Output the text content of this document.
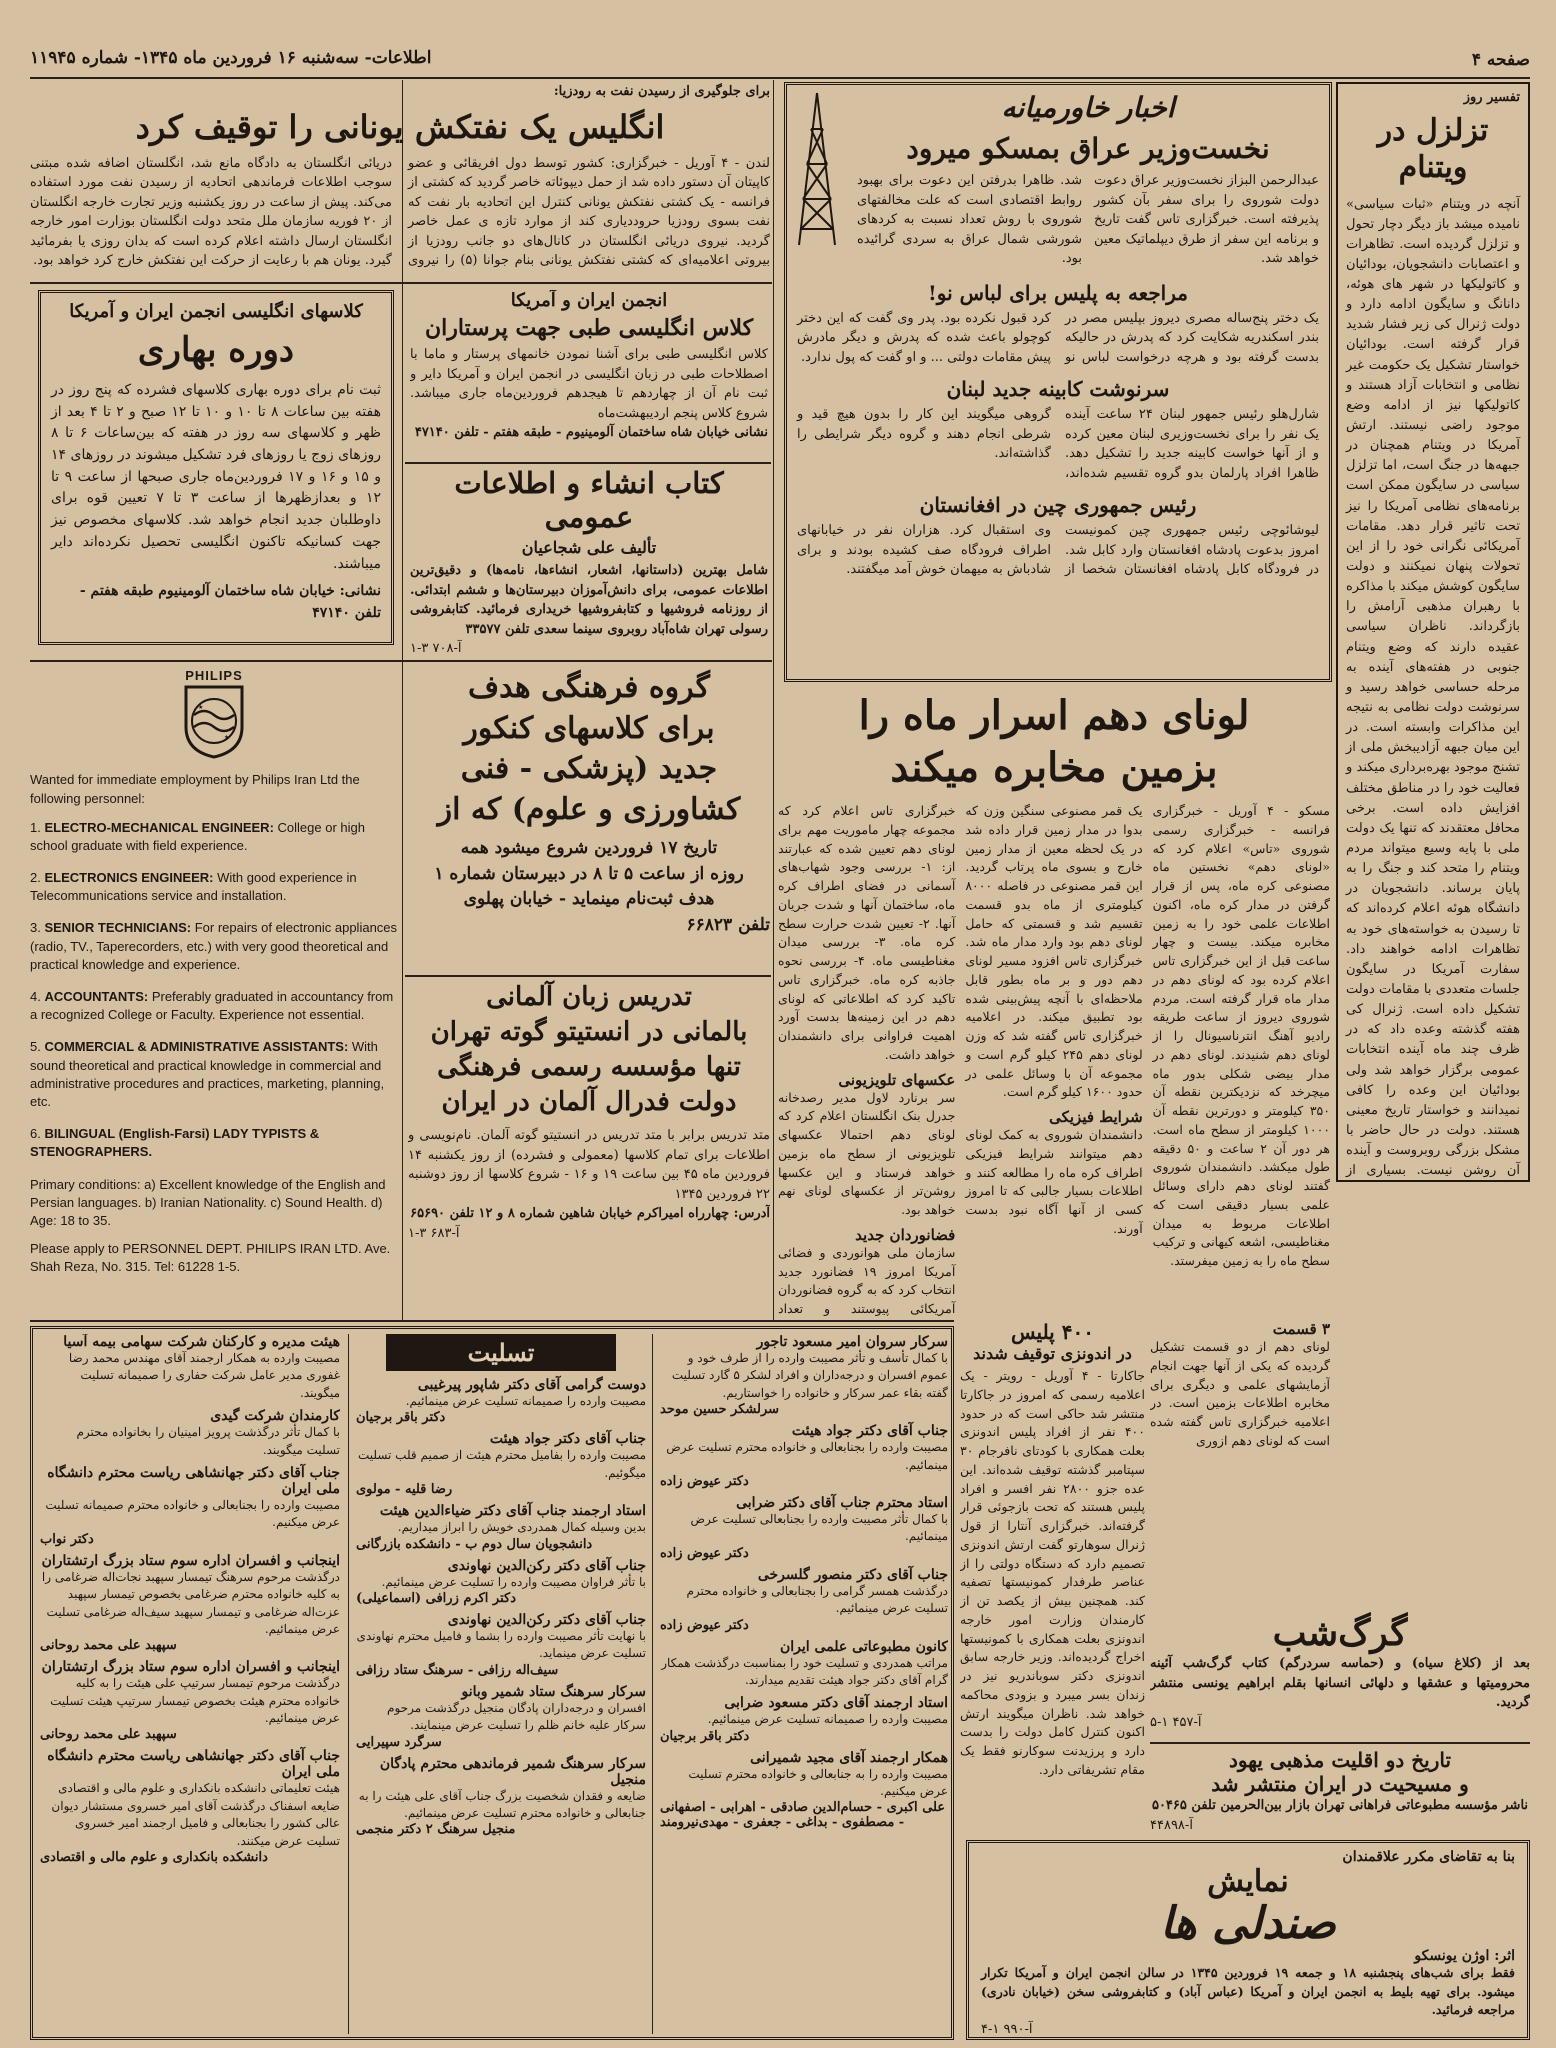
صفحه ۴
اطلاعات- سه‌شنبه ۱۶ فروردین ماه ۱۳۴۵- شماره ۱۱۹۴۵
برای جلوگیری از رسیدن نفت به رودزیا:
انگلیس یک نفتکش یونانی را توقیف کرد
لندن - ۴ آوریل - خبرگزاری: کشور توسط دول افریقائی و عضو کاپیتان آن دستور داده شد از حمل دیپوئاته خاصر گردید که کشتی از فرانسه - یک کشتی نفتکش یونانی کنترل این اتحادیه بار نفت که نفت بسوی رودزیا حروددیاری کند از موارد تازه ی عمل خاصر گردید. نیروی دریائی انگلستان در کانال‌های دو جانب رودزیا از بیروتی اعلامیه‌ای که کشتی نفتکش یونانی بنام جوانا (۵) را نیروی دریائی انگلستان به دادگاه مانع شد، انگلستان اضافه شده مبتنی سوجب اطلاعات فرماندهی اتحادیه از رسیدن نفت مورد استفاده می‌کند. پیش از ساعت در روز یکشنبه وزیر تجارت خارجه انگلستان از ۲۰ فوریه سازمان ملل متحد دولت انگلستان بوزارت امور خارجه انگلستان ارسال داشته اعلام کرده است که بدان روزی یا بفرمائید گیرد. یونان هم با رعایت از حرکت این نفتکش خارج کرد خواهد بود.
اخبار خاورمیانه
نخست‌وزیر عراق بمسکو میرود
عبدالرحمن البزاز نخست‌وزیر عراق دعوت دولت شوروی را برای سفر بآن کشور پذیرفته است. خبرگزاری تاس گفت تاریخ و برنامه این سفر از طرق دیپلماتیک معین خواهد شد.
شد. ظاهرا بدرفتن این دعوت برای بهبود روابط اقتصادی است که علت مخالفتهای شوروی با روش تعداد نسبت به کردهای شورشی شمال عراق به سردی گرائیده بود.
مراجعه به پلیس برای لباس نو!
یک دختر پنج‌ساله مصری دیروز بپلیس مصر در بندر اسکندریه شکایت کرد که پدرش در حالیکه بدست گرفته بود و هرچه درخواست لباس نو کرد قبول نکرده بود. پدر وی گفت که این دختر کوچولو باعث شده که پدرش و دیگر مادرش پیش مقامات دولتی ... و او گفت که پول ندارد.
سرنوشت کابینه جدید لبنان
شارل‌هلو رئیس جمهور لبنان ۲۴ ساعت آینده یک نفر را برای نخست‌وزیری لبنان معین کرده و از آنها خواست کابینه جدید را تشکیل دهد. ظاهرا افراد پارلمان بدو گروه تقسیم شده‌اند، گروهی میگویند این کار را بدون هیچ قید و شرطی انجام دهند و گروه دیگر شرایطی را گذاشته‌اند.
رئیس جمهوری چین در افغانستان
لیوشائوچی رئیس جمهوری چین کمونیست امروز بدعوت پادشاه افغانستان وارد کابل شد. در فرودگاه کابل پادشاه افغانستان شخصا از وی استقبال کرد. هزاران نفر در خیابانهای اطراف فرودگاه صف کشیده بودند و برای شادباش به میهمان خوش آمد میگفتند.
تفسیر روز
تزلزل در ویتنام
آنچه در ویتنام «ثبات سیاسی» نامیده میشد باز دیگر دچار تحول و تزلزل گردیده است. تظاهرات و اعتصابات دانشجویان، بودائیان و کاتولیکها در شهر های هوئه، دانانگ و سایگون ادامه دارد و دولت ژنرال کی زیر فشار شدید قرار گرفته است. بودائیان خواستار تشکیل یک حکومت غیر نظامی و انتخابات آزاد هستند و کاتولیکها نیز از ادامه وضع موجود راضی نیستند. ارتش آمریکا در ویتنام همچنان در جبهه‌ها در جنگ است، اما تزلزل سیاسی در سایگون ممکن است برنامه‌های نظامی آمریکا را نیز تحت تاثیر قرار دهد. مقامات آمریکائی نگرانی خود را از این تحولات پنهان نمیکنند و دولت سایگون کوشش میکند با مذاکره با رهبران مذهبی آرامش را بازگرداند. ناظران سیاسی عقیده دارند که وضع ویتنام جنوبی در هفته‌های آینده به مرحله حساسی خواهد رسید و سرنوشت دولت نظامی به نتیجه این مذاکرات وابسته است. در این میان جبهه آزادیبخش ملی از تشنج موجود بهره‌برداری میکند و فعالیت خود را در مناطق مختلف افزایش داده است. برخی محافل معتقدند که تنها یک دولت ملی با پایه وسیع میتواند مردم ویتنام را متحد کند و جنگ را به پایان برساند. دانشجویان در دانشگاه هوئه اعلام کرده‌اند که تا رسیدن به خواسته‌های خود به تظاهرات ادامه خواهند داد. سفارت آمریکا در سایگون جلسات متعددی با مقامات دولت تشکیل داده است. ژنرال کی هفته گذشته وعده داد که در ظرف چند ماه آینده انتخابات عمومی برگزار خواهد شد ولی بودائیان این وعده را کافی نمیدانند و خواستار تاریخ معینی هستند. دولت در حال حاضر با مشکل بزرگی روبروست و آینده آن روشن نیست. بسیاری از
کلاسهای انگلیسی انجمن ایران و آمریکا
دوره بهاری
ثبت نام برای دوره بهاری کلاسهای فشرده که پنج روز در هفته بین ساعات ۸ تا ۱۰ و ۱۰ تا ۱۲ صبح و ۲ تا ۴ بعد از ظهر و کلاسهای سه روز در هفته که بین‌ساعات ۶ تا ۸ روزهای زوج یا روزهای فرد تشکیل میشوند در روزهای ۱۴ و ۱۵ و ۱۶ و ۱۷ فروردین‌ماه جاری صبحها از ساعت ۹ تا ۱۲ و بعدازظهرها از ساعت ۳ تا ۷ تعیین قوه برای داوطلبان جدید انجام خواهد شد. کلاسهای مخصوص نیز جهت کسانیکه تاکنون انگلیسی تحصیل نکرده‌اند دایر میباشند.
نشانی: خیابان شاه ساختمان آلومینیوم طبقه هفتم - تلفن ۴۷۱۴۰
انجمن ایران و آمریکا
کلاس انگلیسی طبی جهت پرستاران
کلاس انگلیسی طبی برای آشنا نمودن خانمهای پرستار و ماما با اصطلاحات طبی در زبان انگلیسی در انجمن ایران و آمریکا دایر و ثبت نام آن از چهاردهم تا هیجدهم فروردین‌ماه جاری میباشد. شروع کلاس پنجم اردیبهشت‌ماه
نشانی خیابان شاه ساختمان آلومینیوم - طبقه هفتم - تلفن ۴۷۱۴۰
کتاب انشاء و اطلاعات عمومی
تألیف علی شجاعیان
شامل بهترین (داستانها، اشعار، انشاءها، نامه‌ها) و دقیق‌ترین اطلاعات عمومی، برای دانش‌آموزان دبیرستان‌ها و ششم ابتدائی. از روزنامه فروشیها و کتابفروشیها خریداری فرمائید. کتابفروشی رسولی تهران شاه‌آباد روبروی سینما سعدی تلفن ۳۳۵۷۷
آ-۷۰۸ ۳-۱
PHILIPS
★
★
Wanted for immediate employment by Philips Iran Ltd the following personnel:
1. ELECTRO-MECHANICAL ENGINEER: College or high school graduate with field experience.
2. ELECTRONICS ENGINEER: With good experience in Telecommunications service and installation.
3. SENIOR TECHNICIANS: For repairs of electronic appliances (radio, TV., Taperecorders, etc.) with very good theoretical and practical knowledge and experience.
4. ACCOUNTANTS: Preferably graduated in accountancy from a recognized College or Faculty. Experience not essential.
5. COMMERCIAL & ADMINISTRATIVE ASSISTANTS: With sound theoretical and practical knowledge in commercial and administrative procedures and practices, marketing, planning, etc.
6. BILINGUAL (English-Farsi) LADY TYPISTS & STENOGRAPHERS.
Primary conditions: a) Excellent knowledge of the English and Persian languages. b) Iranian Nationality. c) Sound Health. d) Age: 18 to 35.
Please apply to PERSONNEL DEPT. PHILIPS IRAN LTD. Ave. Shah Reza, No. 315. Tel: 61228 1-5.
گروه فرهنگی هدف
برای کلاسهای کنکور
جدید (پزشکی - فنی
کشاورزی و علوم) که از
تاریخ ۱۷ فروردین شروع میشود همه
روزه از ساعت ۵ تا ۸ در دبیرستان شماره ۱
هدف ثبت‌نام مینماید - خیابان پهلوی
تلفن ۶۶۸۲۳
تدریس زبان آلمانی
بالمانی در انستیتو گوته تهران
تنها مؤسسه رسمی فرهنگی
دولت فدرال آلمان در ایران
متد تدریس برابر با متد تدریس در انستیتو گوته آلمان. نام‌نویسی و اطلاعات برای تمام کلاسها (معمولی و فشرده) از روز یکشنبه ۱۴ فروردین ماه ۴۵ بین ساعت ۱۹ و ۱۶ - شروع کلاسها از روز دوشنبه ۲۲ فروردین ۱۳۴۵
آدرس: چهارراه امیراکرم خیابان شاهین شماره ۸ و ۱۲ تلفن ۶۵۶۹۰
آ-۶۸۳ ۳-۱
لونای دهم اسرار ماه را
بزمین مخابره میکند
مسکو - ۴ آوریل - خبرگزاری فرانسه - خبرگزاری رسمی شوروی «تاس» اعلام کرد که «لونای دهم» نخستین ماه مصنوعی کره ماه، پس از قرار گرفتن در مدار کره ماه، اکنون اطلاعات علمی خود را به زمین مخابره میکند. بیست و چهار ساعت قبل از این خبرگزاری تاس اعلام کرده بود که لونای دهم در مدار ماه قرار گرفته است. مردم شوروی دیروز از ساعت طریقه رادیو آهنگ انترناسیونال را از لونای دهم شنیدند. لونای دهم در مدار بیضی شکلی بدور ماه میچرخد که نزدیکترین نقطه آن ۳۵۰ کیلومتر و دورترین نقطه آن ۱۰۰۰ کیلومتر از سطح ماه است. هر دور آن ۲ ساعت و ۵۰ دقیقه طول میکشد. دانشمندان شوروی گفتند لونای دهم دارای وسائل علمی بسیار دقیقی است که اطلاعات مربوط به میدان مغناطیسی، اشعه کیهانی و ترکیب سطح ماه را به زمین میفرستد.
یک قمر مصنوعی سنگین وزن که بدوا در مدار زمین قرار داده شد در یک لحظه معین از مدار زمین خارج و بسوی ماه پرتاب گردید. این قمر مصنوعی در فاصله ۸۰۰۰ کیلومتری از ماه بدو قسمت تقسیم شد و قسمتی که حامل لونای دهم بود وارد مدار ماه شد. خبرگزاری تاس افزود مسیر لونای دهم دور و بر ماه بطور قابل ملاحظه‌ای با آنچه پیش‌بینی شده بود تطبیق میکند. در اعلامیه خبرگزاری تاس گفته شد که وزن لونای دهم ۲۴۵ کیلو گرم است و مجموعه آن با وسائل علمی در حدود ۱۶۰۰ کیلو گرم است.
شرایط فیزیکی
دانشمندان شوروی به کمک لونای دهم میتوانند شرایط فیزیکی اطراف کره ماه را مطالعه کنند و اطلاعات بسیار جالبی که تا امروز کسی از آنها آگاه نبود بدست آورند.
خبرگزاری تاس اعلام کرد که مجموعه چهار ماموریت مهم برای لونای دهم تعیین شده که عبارتند از: ۱- بررسی وجود شهاب‌های آسمانی در فضای اطراف کره ماه، ساختمان آنها و شدت جریان آنها. ۲- تعیین شدت حرارت سطح کره ماه. ۳- بررسی میدان مغناطیسی ماه. ۴- بررسی نحوه جاذبه کره ماه. خبرگزاری تاس تاکید کرد که اطلاعاتی که لونای دهم در این زمینه‌ها بدست آورد اهمیت فراوانی برای دانشمندان خواهد داشت.
عکسهای تلویزیونی
سر برنارد لاول مدیر رصدخانه جدرل بنک انگلستان اعلام کرد که لونای دهم احتمالا عکسهای تلویزیونی از سطح ماه بزمین خواهد فرستاد و این عکسها روشن‌تر از عکسهای لونای نهم خواهد بود.
فضانوردان جدید
سازمان ملی هوانوردی و فضائی آمریکا امروز ۱۹ فضانورد جدید انتخاب کرد که به گروه فضانوردان آمریکائی پیوستند و تعداد
۳ قسمت
لونای دهم از دو قسمت تشکیل گردیده که یکی از آنها جهت انجام آزمایشهای علمی و دیگری برای مخابره اطلاعات بزمین است. در اعلامیه خبرگزاری تاس گفته شده است که لونای دهم ازوری
۴۰۰ پلیس
در اندونزی توقیف شدند
جاکارتا - ۴ آوریل - رویتر - یک اعلامیه رسمی که امروز در جاکارتا منتشر شد حاکی است که در حدود ۴۰۰ نفر از افراد پلیس اندونزی بعلت همکاری با کودتای نافرجام ۳۰ سپتامبر گذشته توقیف شده‌اند. این عده جزو ۲۸۰۰ نفر افسر و افراد پلیس هستند که تحت بازجوئی قرار گرفته‌اند. خبرگزاری آنتارا از قول ژنرال سوهارتو گفت ارتش اندونزی تصمیم دارد که دستگاه دولتی را از عناصر طرفدار کمونیستها تصفیه کند. همچنین بیش از یکصد تن از کارمندان وزارت امور خارجه اندونزی بعلت همکاری با کمونیستها اخراج گردیده‌اند. وزیر خارجه سابق اندونزی دکتر سوباندریو نیز در زندان بسر میبرد و بزودی محاکمه خواهد شد. ناظران میگویند ارتش اکنون کنترل کامل دولت را بدست دارد و پرزیدنت سوکارنو فقط یک مقام تشریفاتی دارد.
گرگ‌شب
بعد از (کلاغ سیاه) و (حماسه سردرگم) کتاب گرگ‌شب آئینه محرومیتها و عشقها و دلهائی انسانها بقلم ابراهیم یونسی منتشر گردید.
آ-۴۵۷ ۱-۵
تاریخ دو اقلیت مذهبی یهود
و مسیحیت در ایران منتشر شد
ناشر مؤسسه مطبوعاتی فراهانی تهران بازار بین‌الحرمین تلفن ۵۰۴۶۵
آ-۴۴۸۹۸
بنا به تقاضای مکرر علاقمندان
نمایش
صندلی ها
اثر: اوژن یونسکو
فقط برای شب‌های پنجشنبه ۱۸ و جمعه ۱۹ فروردین ۱۳۴۵ در سالن انجمن ایران و آمریکا تکرار میشود. برای تهیه بلیط به انجمن ایران و آمریکا (عباس آباد) و کتابفروشی سخن (خیابان نادری) مراجعه فرمائید.
آ-۹۹۰ ۱-۴
هیئت مدیره و کارکنان شرکت سهامی بیمه آسیا
مصیبت وارده به همکار ارجمند آقای مهندس محمد رضا غفوری مدیر عامل شرکت حفاری را صمیمانه تسلیت میگویند.
کارمندان شرکت گیدی
با کمال تأثر درگذشت پرویز امینیان را بخانواده محترم تسلیت میگویند.
جناب آقای دکتر جهانشاهی ریاست محترم دانشگاه ملی ایران
مصیبت وارده را بجنابعالی و خانواده محترم صمیمانه تسلیت عرض میکنیم.
دکتر نواب
اینجانب و افسران اداره سوم ستاد بزرگ ارتشتاران
درگذشت مرحوم سرهنگ تیمسار سپهبد نجات‌اله ضرغامی را به کلیه خانواده محترم ضرغامی بخصوص تیمسار سپهبد عزت‌اله ضرغامی و تیمسار سپهبد سیف‌اله ضرغامی تسلیت عرض مینمائیم.
سپهبد علی محمد روحانی
اینجانب و افسران اداره سوم ستاد بزرگ ارتشتاران
درگذشت مرحوم تیمسار سرتیپ علی هیئت را به کلیه خانواده محترم هیئت بخصوص تیمسار سرتیپ هیئت تسلیت عرض مینمائیم.
سپهبد علی محمد روحانی
جناب آقای دکتر جهانشاهی ریاست محترم دانشگاه ملی ایران
هیئت تعلیماتی دانشکده بانکداری و علوم مالی و اقتصادی ضایعه اسفناک درگذشت آقای امیر خسروی مستشار دیوان عالی کشور را بجنابعالی و فامیل ارجمند امیر خسروی تسلیت عرض میکنند.
دانشکده بانکداری و علوم مالی و اقتصادی
تسلیت
دوست گرامی آقای دکتر شاپور پیرغیبی
مصیبت وارده را صمیمانه تسلیت عرض مینمائیم.
دکتر باقر برجیان
جناب آقای دکتر جواد هیئت
مصیبت وارده را بفامیل محترم هیئت از صمیم قلب تسلیت میگوئیم.
رضا قلیه - مولوی
استاد ارجمند جناب آقای دکتر ضیاءالدین هیئت
بدین وسیله کمال همدردی خویش را ابراز میداریم.
دانشجویان سال دوم ب - دانشکده بازرگانی
جناب آقای دکتر رکن‌الدین نهاوندی
با تأثر فراوان مصیبت وارده را تسلیت عرض مینمائیم.
دکتر اکرم زرافی (اسماعیلی)
جناب آقای دکتر رکن‌الدین نهاوندی
با نهایت تأثر مصیبت وارده را بشما و فامیل محترم نهاوندی تسلیت عرض مینماید.
سیف‌اله رزافی - سرهنگ ستاد رزافی
سرکار سرهنگ ستاد شمیر وبانو
افسران و درجه‌داران پادگان منجیل درگذشت مرحوم سرکار علیه خانم ظلم را تسلیت عرض مینمایند.
سرگرد سپیرایی
سرکار سرهنگ شمیر فرماندهی محترم پادگان منجیل
ضایعه و فقدان شخصیت بزرگ جناب آقای علی هیئت را به جنابعالی و خانواده محترم تسلیت عرض مینمائیم.
منجیل سرهنگ ۲ دکتر منجمی
سرکار سروان امیر مسعود تاجور
با کمال تأسف و تأثر مصیبت وارده را از طرف خود و عموم افسران و درجه‌داران و افراد لشکر ۵ گارد تسلیت گفته بقاء عمر سرکار و خانواده را خواستاریم.
سرلشکر حسین موحد
جناب آقای دکتر جواد هیئت
مصیبت وارده را بجنابعالی و خانواده محترم تسلیت عرض مینمائیم.
دکتر عیوض زاده
استاد محترم جناب آقای دکتر ضرابی
با کمال تأثر مصیبت وارده را بجنابعالی تسلیت عرض مینمائیم.
دکتر عیوض زاده
جناب آقای دکتر منصور گلسرخی
درگذشت همسر گرامی را بجنابعالی و خانواده محترم تسلیت عرض مینمائیم.
دکتر عیوض زاده
کانون مطبوعاتی علمی ایران
مراتب همدردی و تسلیت خود را بمناسبت درگذشت همکار گرام آقای دکتر جواد هیئت تقدیم میدارند.
استاد ارجمند آقای دکتر مسعود ضرابی
مصیبت وارده را صمیمانه تسلیت عرض مینمائیم.
دکتر باقر برجیان
همکار ارجمند آقای مجید شمیرانی
مصیبت وارده را به جنابعالی و خانواده محترم تسلیت عرض میکنیم.
علی اکبری - حسام‌الدین صادقی - اهرابی - اصفهانی - مصطفوی - بداغی - جعفری - مهدی‌نیرومند
